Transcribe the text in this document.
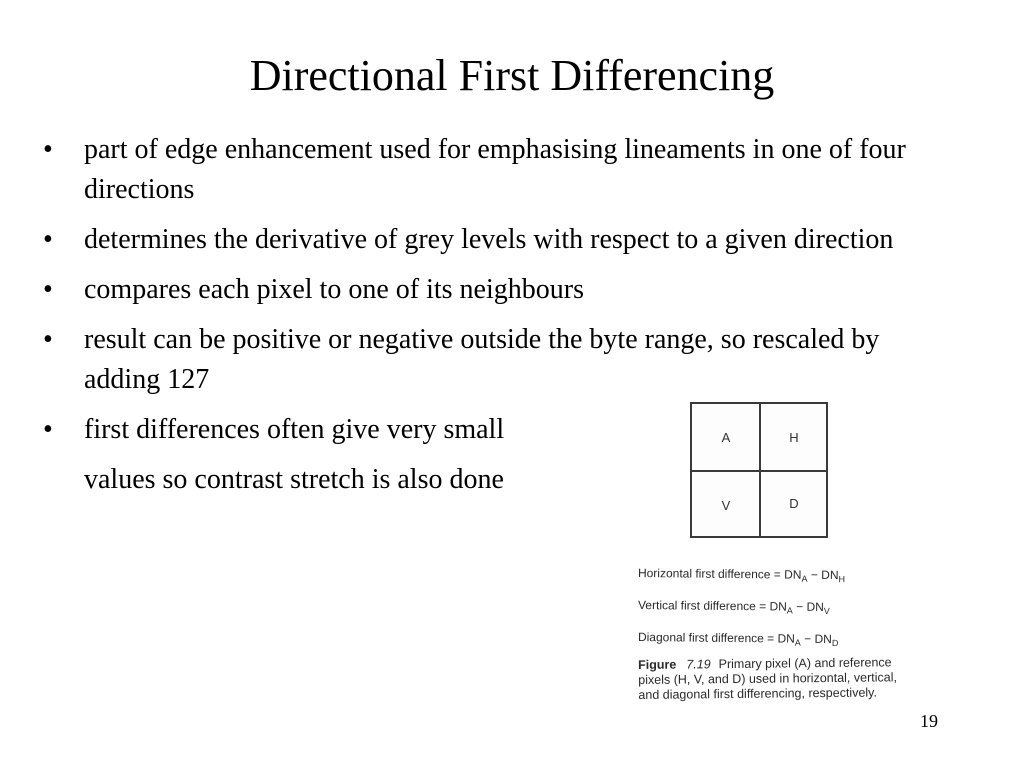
Directional First Differencing
• part of edge enhancement used for emphasising lineaments in one of four directions
• determines the derivative of grey levels with respect to a given direction
• compares each pixel to one of its neighbours
• result can be positive or negative outside the byte range, so rescaled by adding 127
• first differences often give very small
values so contrast stretch is also done
A	H
V	D
Horizontal first difference = $DN_A - DN_H$
Vertical first difference = $DN_A - DN_V$
Diagonal first difference = $DN_A - DN_D$
Figure 7.19 Primary pixel (A) and reference pixels (H, V, and D) used in horizontal, vertical, and diagonal first differencing, respectively.
19
